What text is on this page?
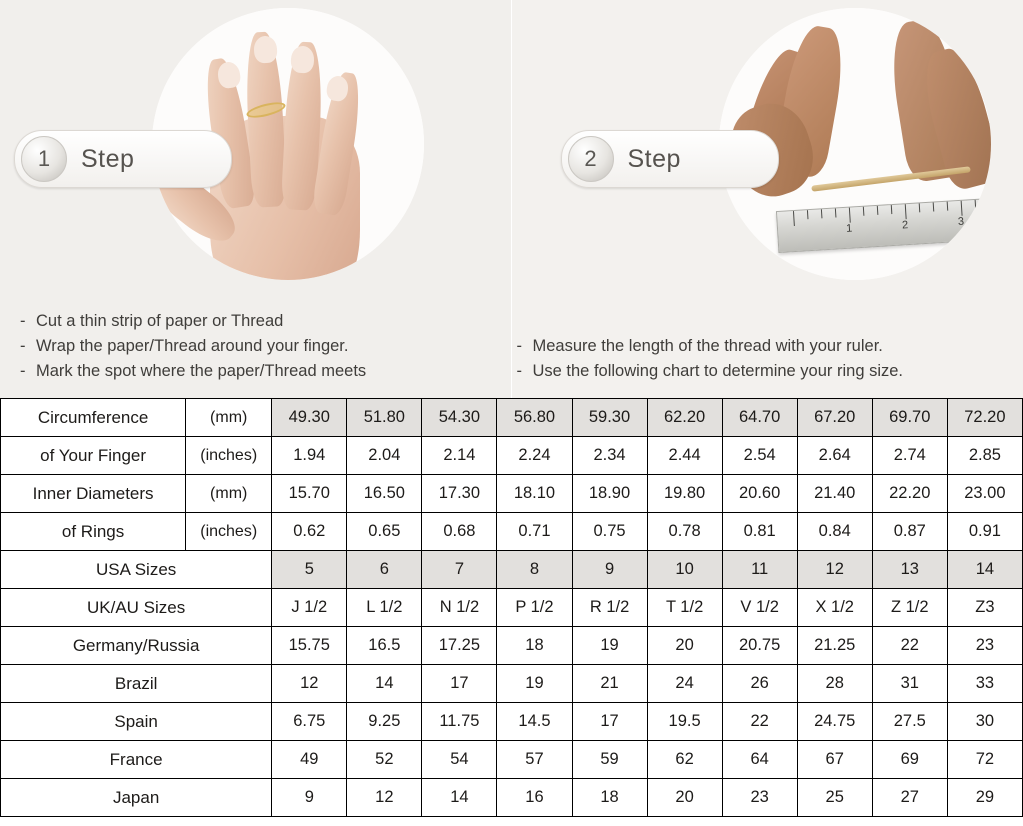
1	Step
- Cut a thin strip of paper or Thread
- Wrap the paper/Thread around your finger.
- Mark the spot where the paper/Thread meets
1	2	3
2	Step
- Measure the length of the thread with your ruler.
- Use the following chart to determine your ring size.
Circumference	(mm)	49.30	51.80	54.30	56.80	59.30	62.20	64.70	67.20	69.70	72.20
of Your Finger	(inches)	1.94	2.04	2.14	2.24	2.34	2.44	2.54	2.64	2.74	2.85
Inner Diameters	(mm)	15.70	16.50	17.30	18.10	18.90	19.80	20.60	21.40	22.20	23.00
of Rings	(inches)	0.62	0.65	0.68	0.71	0.75	0.78	0.81	0.84	0.87	0.91
USA Sizes		5	6	7	8	9	10	11	12	13	14
UK/AU Sizes		J 1/2	L 1/2	N 1/2	P 1/2	R 1/2	T 1/2	V 1/2	X 1/2	Z 1/2	Z3
Germany/Russia		15.75	16.5	17.25	18	19	20	20.75	21.25	22	23
Brazil		12	14	17	19	21	24	26	28	31	33
Spain		6.75	9.25	11.75	14.5	17	19.5	22	24.75	27.5	30
France		49	52	54	57	59	62	64	67	69	72
Japan		9	12	14	16	18	20	23	25	27	29
